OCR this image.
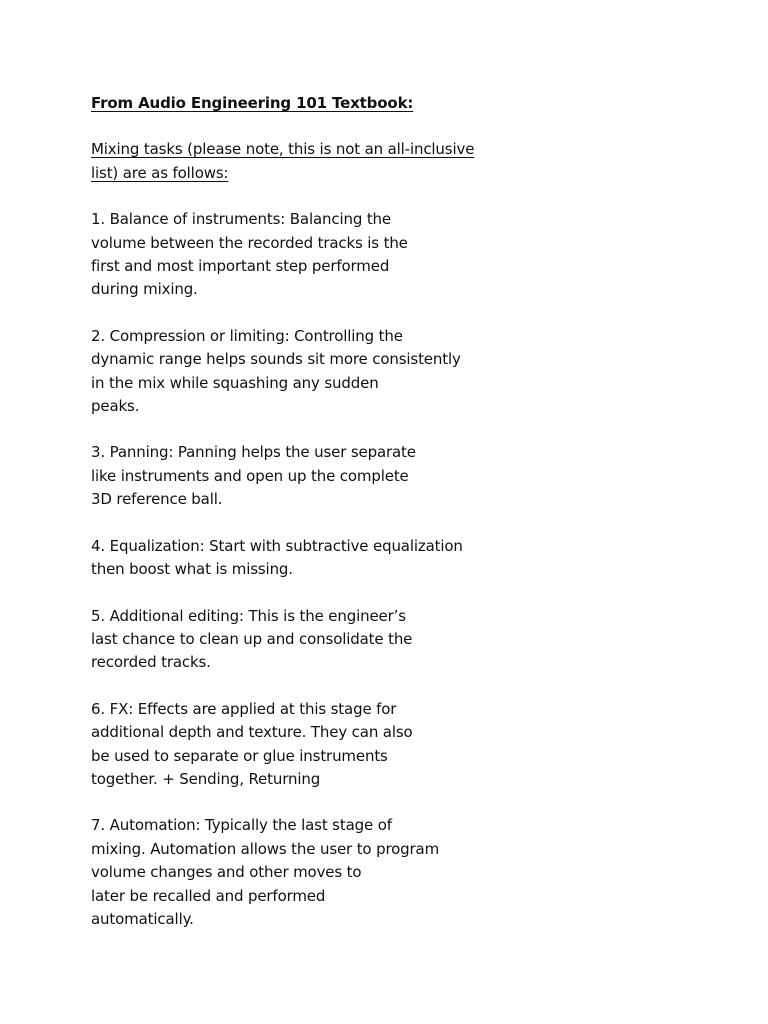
From Audio Engineering 101 Textbook:

Mixing tasks (please note, this is not an all-inclusive
list) are as follows:
1. Balance of instruments: Balancing the
volume between the recorded tracks is the
first and most important step performed
during mixing.
2. Compression or limiting: Controlling the
dynamic range helps sounds sit more consistently
in the mix while squashing any sudden
peaks.
3. Panning: Panning helps the user separate
like instruments and open up the complete
3D reference ball.
4. Equalization: Start with subtractive equalization
then boost what is missing.
5. Additional editing: This is the engineer’s
last chance to clean up and consolidate the
recorded tracks.
6. FX: Effects are applied at this stage for
additional depth and texture. They can also
be used to separate or glue instruments
together. + Sending, Returning
7. Automation: Typically the last stage of
mixing. Automation allows the user to program
volume changes and other moves to
later be recalled and performed
automatically.
